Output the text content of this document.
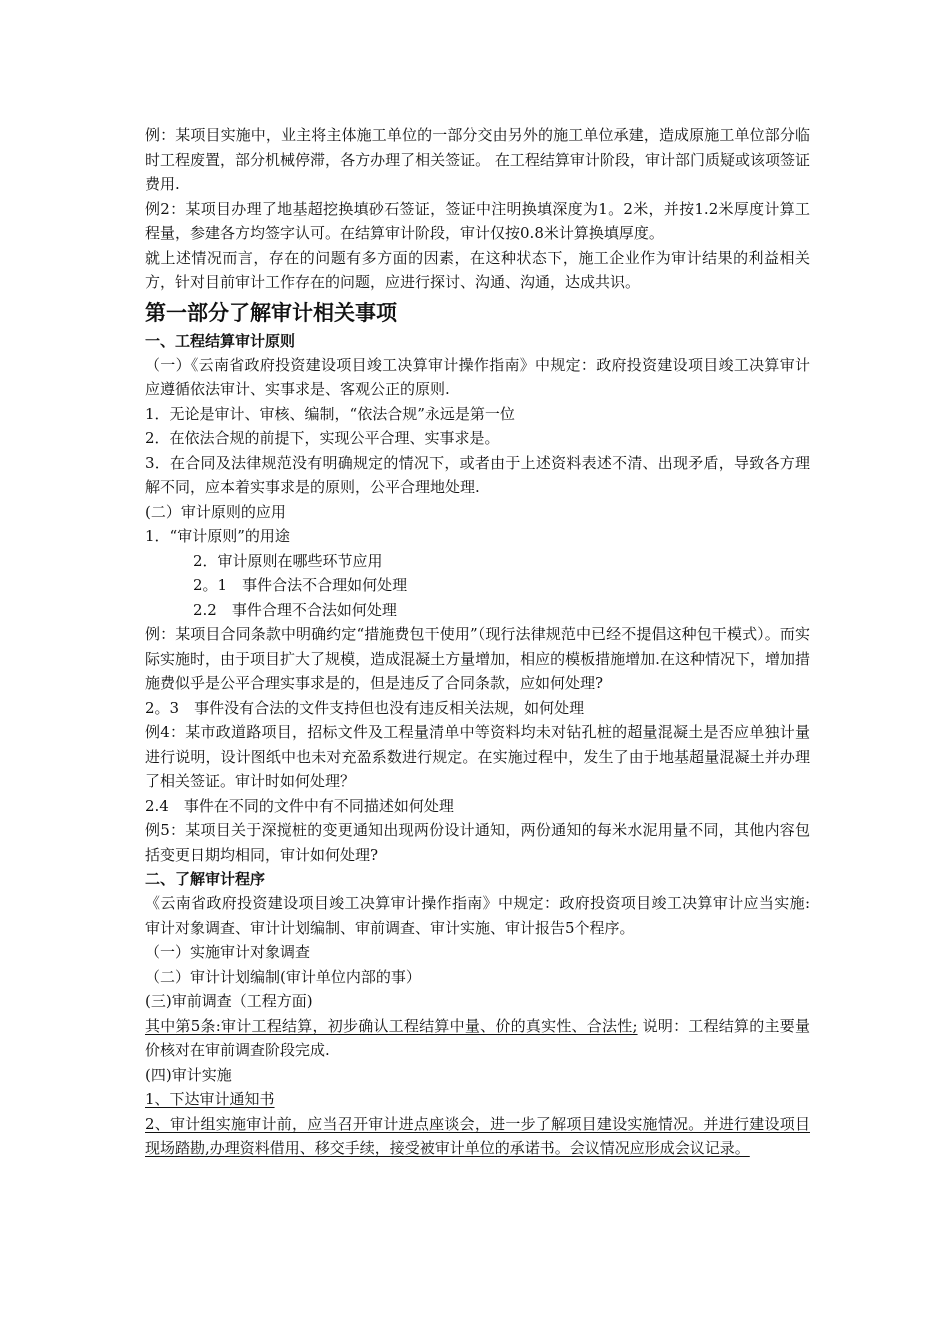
例：某项目实施中，业主将主体施工单位的一部分交由另外的施工单位承建，造成原施工单位部分临时工程废置，部分机械停滞，各方办理了相关签证。 在工程结算审计阶段，审计部门质疑或该项签证费用.

例2：某项目办理了地基超挖换填砂石签证，签证中注明换填深度为1。2米，并按1.2米厚度计算工程量，参建各方均签字认可。在结算审计阶段，审计仅按0.8米计算换填厚度。

就上述情况而言，存在的问题有多方面的因素，在这种状态下，施工企业作为审计结果的利益相关方，针对目前审计工作存在的问题，应进行探讨、沟通、沟通，达成共识。

第一部分了解审计相关事项
一、工程结算审计原则

（一）《云南省政府投资建设项目竣工决算审计操作指南》中规定：政府投资建设项目竣工决算审计应遵循依法审计、实事求是、客观公正的原则.

1．无论是审计、审核、编制，“依法合规”永远是第一位

2．在依法合规的前提下，实现公平合理、实事求是。

3．在合同及法律规范没有明确规定的情况下，或者由于上述资料表述不清、出现矛盾，导致各方理解不同，应本着实事求是的原则，公平合理地处理.

(二）审计原则的应用

1．“审计原则”的用途

2．审计原则在哪些环节应用

2。1　事件合法不合理如何处理

2.2　事件合理不合法如何处理

例：某项目合同条款中明确约定“措施费包干使用”（现行法律规范中已经不提倡这种包干模式）。而实际实施时，由于项目扩大了规模，造成混凝土方量增加，相应的模板措施增加.在这种情况下，增加措施费似乎是公平合理实事求是的，但是违反了合同条款，应如何处理?

2。3　事件没有合法的文件支持但也没有违反相关法规，如何处理

例4：某市政道路项目，招标文件及工程量清单中等资料均未对钻孔桩的超量混凝土是否应单独计量进行说明，设计图纸中也未对充盈系数进行规定。在实施过程中，发生了由于地基超量混凝土并办理了相关签证。审计时如何处理？

2.4　事件在不同的文件中有不同描述如何处理

例5：某项目关于深搅桩的变更通知出现两份设计通知，两份通知的每米水泥用量不同，其他内容包括变更日期均相同，审计如何处理?

二、了解审计程序

《云南省政府投资建设项目竣工决算审计操作指南》中规定：政府投资项目竣工决算审计应当实施:审计对象调查、审计计划编制、审前调查、审计实施、审计报告5个程序。

（一）实施审计对象调查

（二）审计计划编制(审计单位内部的事）

(三)审前调查（工程方面)

其中第5条:审计工程结算，初步确认工程结算中量、价的真实性、合法性; 说明：工程结算的主要量价核对在审前调查阶段完成.

(四)审计实施

1、下达审计通知书

2、审计组实施审计前，应当召开审计进点座谈会，进一步了解项目建设实施情况。并进行建设项目现场踏勘,办理资料借用、移交手续，接受被审计单位的承诺书。会议情况应形成会议记录。
